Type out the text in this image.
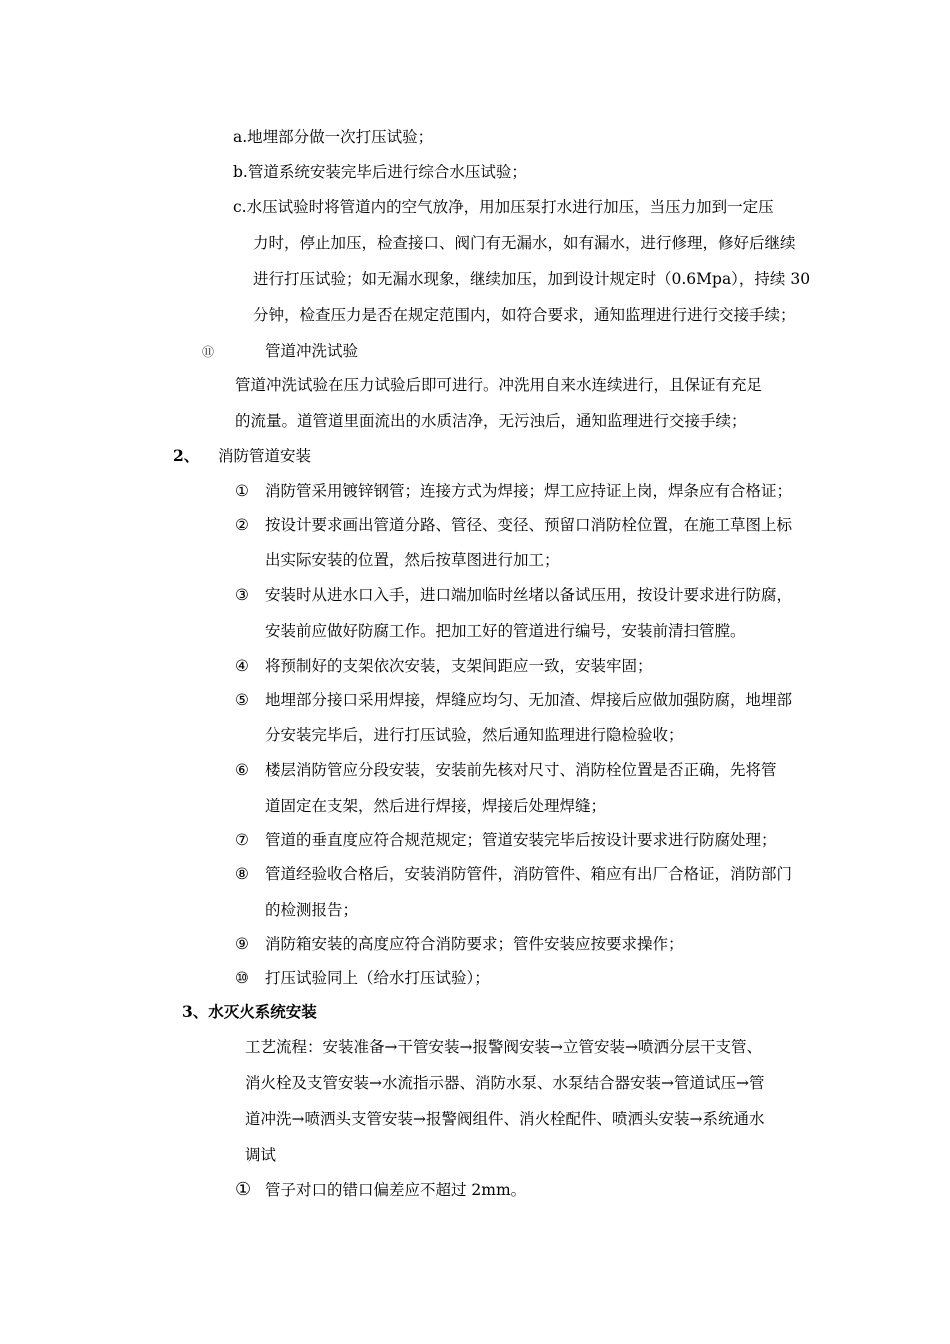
a.地埋部分做一次打压试验；
b.管道系统安装完毕后进行综合水压试验；
c.水压试验时将管道内的空气放净，用加压泵打水进行加压，当压力加到一定压
力时，停止加压，检查接口、阀门有无漏水，如有漏水，进行修理，修好后继续
进行打压试验；如无漏水现象，继续加压，加到设计规定时（0.6Mpa），持续 30
分钟，检查压力是否在规定范围内，如符合要求，通知监理进行进行交接手续；
⑪	管道冲洗试验
管道冲洗试验在压力试验后即可进行。冲洗用自来水连续进行，且保证有充足
的流量。道管道里面流出的水质洁净，无污浊后，通知监理进行交接手续；
2、 消防管道安装
① 消防管采用镀锌钢管；连接方式为焊接；焊工应持证上岗，焊条应有合格证；
② 按设计要求画出管道分路、管径、变径、预留口消防栓位置，在施工草图上标
出实际安装的位置，然后按草图进行加工；
③ 安装时从进水口入手，进口端加临时丝堵以备试压用，按设计要求进行防腐，
安装前应做好防腐工作。把加工好的管道进行编号，安装前清扫管膛。
④ 将预制好的支架依次安装，支架间距应一致，安装牢固；
⑤ 地埋部分接口采用焊接，焊缝应均匀、无加渣、焊接后应做加强防腐，地埋部
分安装完毕后，进行打压试验，然后通知监理进行隐检验收；
⑥ 楼层消防管应分段安装，安装前先核对尺寸、消防栓位置是否正确，先将管
道固定在支架，然后进行焊接，焊接后处理焊缝；
⑦ 管道的垂直度应符合规范规定；管道安装完毕后按设计要求进行防腐处理；
⑧ 管道经验收合格后，安装消防管件，消防管件、箱应有出厂合格证，消防部门
的检测报告；
⑨ 消防箱安装的高度应符合消防要求；管件安装应按要求操作；
⑩ 打压试验同上（给水打压试验）；
3、水灭火系统安装
工艺流程：安装准备→干管安装→报警阀安装→立管安装→喷洒分层干支管、
消火栓及支管安装→水流指示器、消防水泵、水泵结合器安装→管道试压→管
道冲洗→喷洒头支管安装→报警阀组件、消火栓配件、喷洒头安装→系统通水
调试
① 管子对口的错口偏差应不超过 2mm。
